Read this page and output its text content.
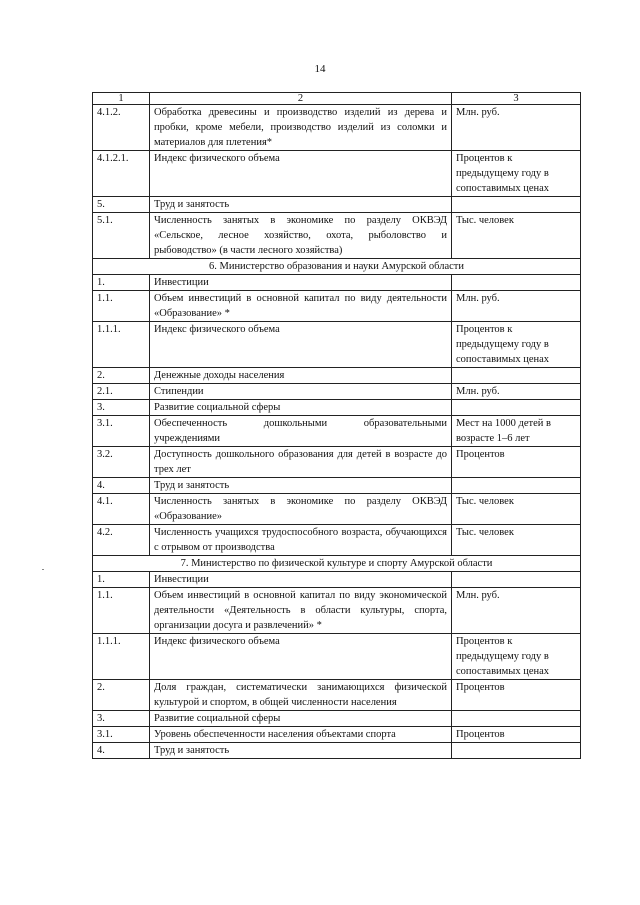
14
1	2	3
4.1.2.	Обработка древесины и производство изделий из дерева и пробки, кроме мебели, производство изделий из соломки и материалов для плетения*	Млн. руб.
4.1.2.1.	Индекс физического объема	Процентов к предыдущему году в сопоставимых ценах
5.	Труд и занятость	
5.1.	Численность занятых в экономике по разделу ОКВЭД «Сельское, лесное хозяйство, охота, рыболовство и рыбоводство» (в части лесного хозяйства)	Тыс. человек
6. Министерство образования и науки Амурской области		
1.	Инвестиции	
1.1.	Объем инвестиций в основной капитал по виду деятельности «Образование» *	Млн. руб.
1.1.1.	Индекс физического объема	Процентов к предыдущему году в сопоставимых ценах
2.	Денежные доходы населения	
2.1.	Стипендии	Млн. руб.
3.	Развитие социальной сферы	
3.1.	Обеспеченность дошкольными образовательными учреждениями	Мест на 1000 детей в возрасте 1–6 лет
3.2.	Доступность дошкольного образования для детей в возрасте до трех лет	Процентов
4.	Труд и занятость	
4.1.	Численность занятых в экономике по разделу ОКВЭД «Образование»	Тыс. человек
4.2.	Численность учащихся трудоспособного возраста, обучающихся с отрывом от производства	Тыс. человек
7. Министерство по физической культуре и спорту Амурской области		
1.	Инвестиции	
1.1.	Объем инвестиций в основной капитал по виду экономической деятельности «Деятельность в области культуры, спорта, организации досуга и развлечений» *	Млн. руб.
1.1.1.	Индекс физического объема	Процентов к предыдущему году в сопоставимых ценах
2.	Доля граждан, систематически занимающихся физической культурой и спортом, в общей численности населения	Процентов
3.	Развитие социальной сферы	
3.1.	Уровень обеспеченности населения объектами спорта	Процентов
4.	Труд и занятость	
